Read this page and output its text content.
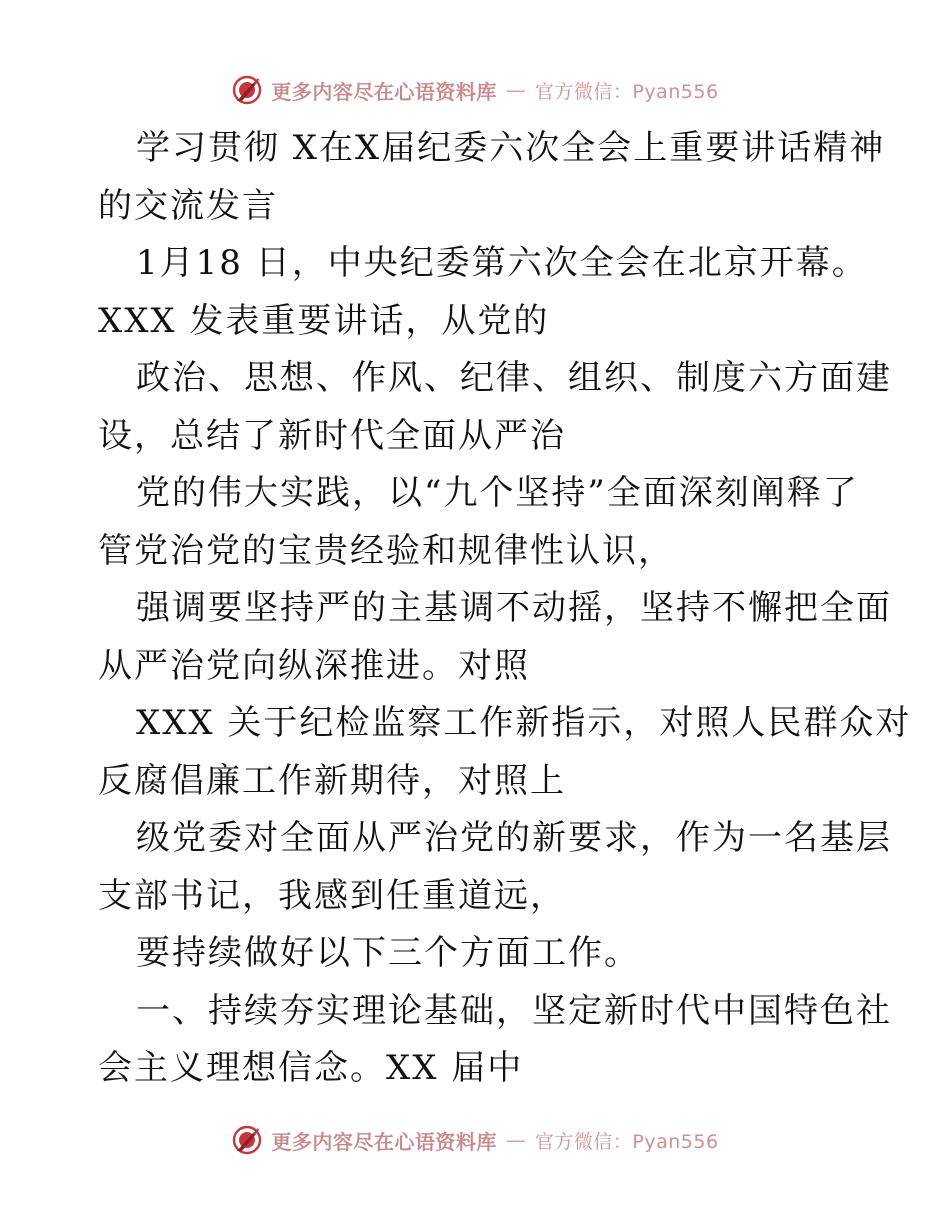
更多内容尽在心语资料库 — 官方微信：Pyan556
学习贯彻 X在X届纪委六次全会上重要讲话精神
的交流发言
1月18 日，中央纪委第六次全会在北京开幕。
XXX 发表重要讲话，从党的
政治、思想、作风、纪律、组织、制度六方面建
设，总结了新时代全面从严治
党的伟大实践，以“九个坚持”全面深刻阐释了
管党治党的宝贵经验和规律性认识，
强调要坚持严的主基调不动摇，坚持不懈把全面
从严治党向纵深推进。对照
XXX 关于纪检监察工作新指示，对照人民群众对
反腐倡廉工作新期待，对照上
级党委对全面从严治党的新要求，作为一名基层
支部书记，我感到任重道远，
要持续做好以下三个方面工作。
一、持续夯实理论基础，坚定新时代中国特色社
会主义理想信念。XX 届中
更多内容尽在心语资料库 — 官方微信：Pyan556
